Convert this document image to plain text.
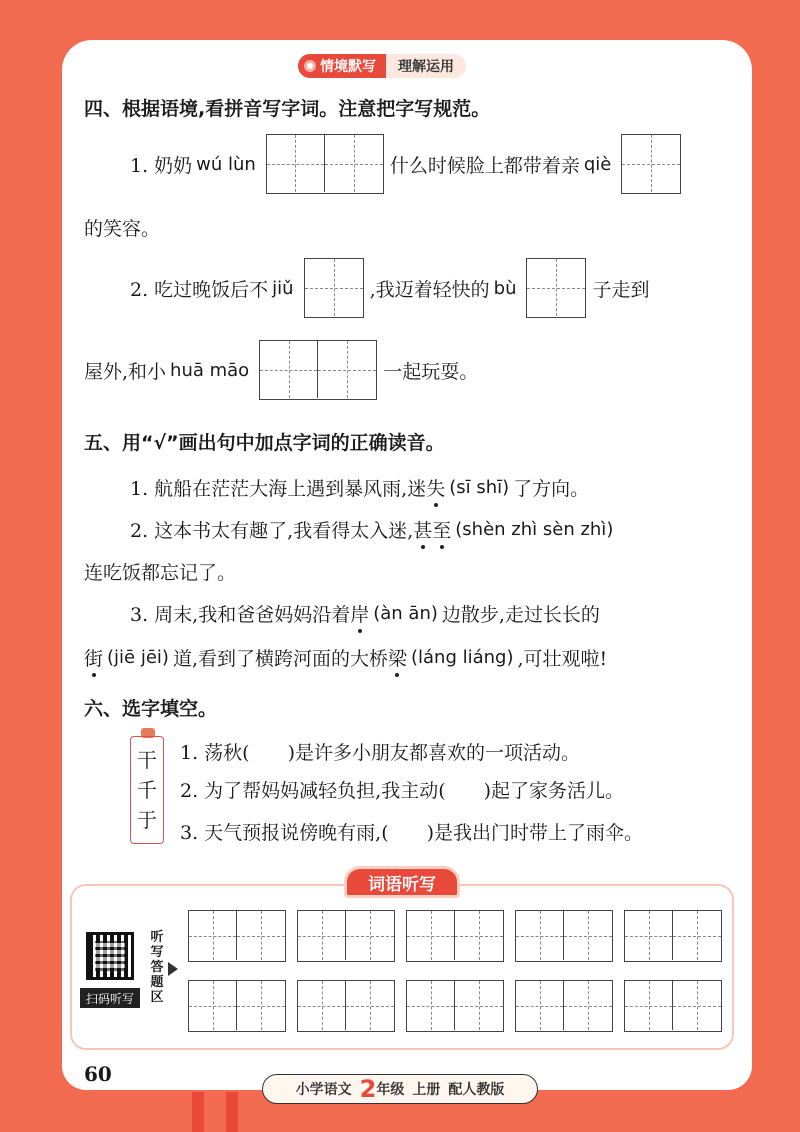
情境默写	理解运用
四、根据语境,看拼音写字词。注意把字写规范。
1. 奶奶 wú lùn	什么时候脸上都带着亲 qiè
的笑容。
2. 吃过晚饭后不 jiǔ	,我迈着轻快的 bù	子走到
屋外,和小 huā māo	一起玩耍。
五、用“√”画出句中加点字词的正确读音。
1. 航船在茫茫大海上遇到暴风雨,迷 失 (sī shī) 了方向。
2. 这本书太有趣了,我看得太入迷, 甚 至 (shèn zhì sèn zhì)
连吃饭都忘记了。
3. 周末,我和爸爸妈妈沿着 岸 (àn ān) 边散步,走过长长的
街 (jiē jēi) 道,看到了横跨河面的大桥 梁 (láng liáng) ,可壮观啦!
六、选字填空。
干
千
于
1. 荡秋( )是许多小朋友都喜欢的一项活动。
2. 为了帮妈妈减轻负担,我主动( )起了家务活儿。
3. 天气预报说傍晚有雨,( )是我出门时带上了雨伞。
词语听写
扫码听写
听
写
答
题
区
60
小学语文 2 年级 上册 配人教版
